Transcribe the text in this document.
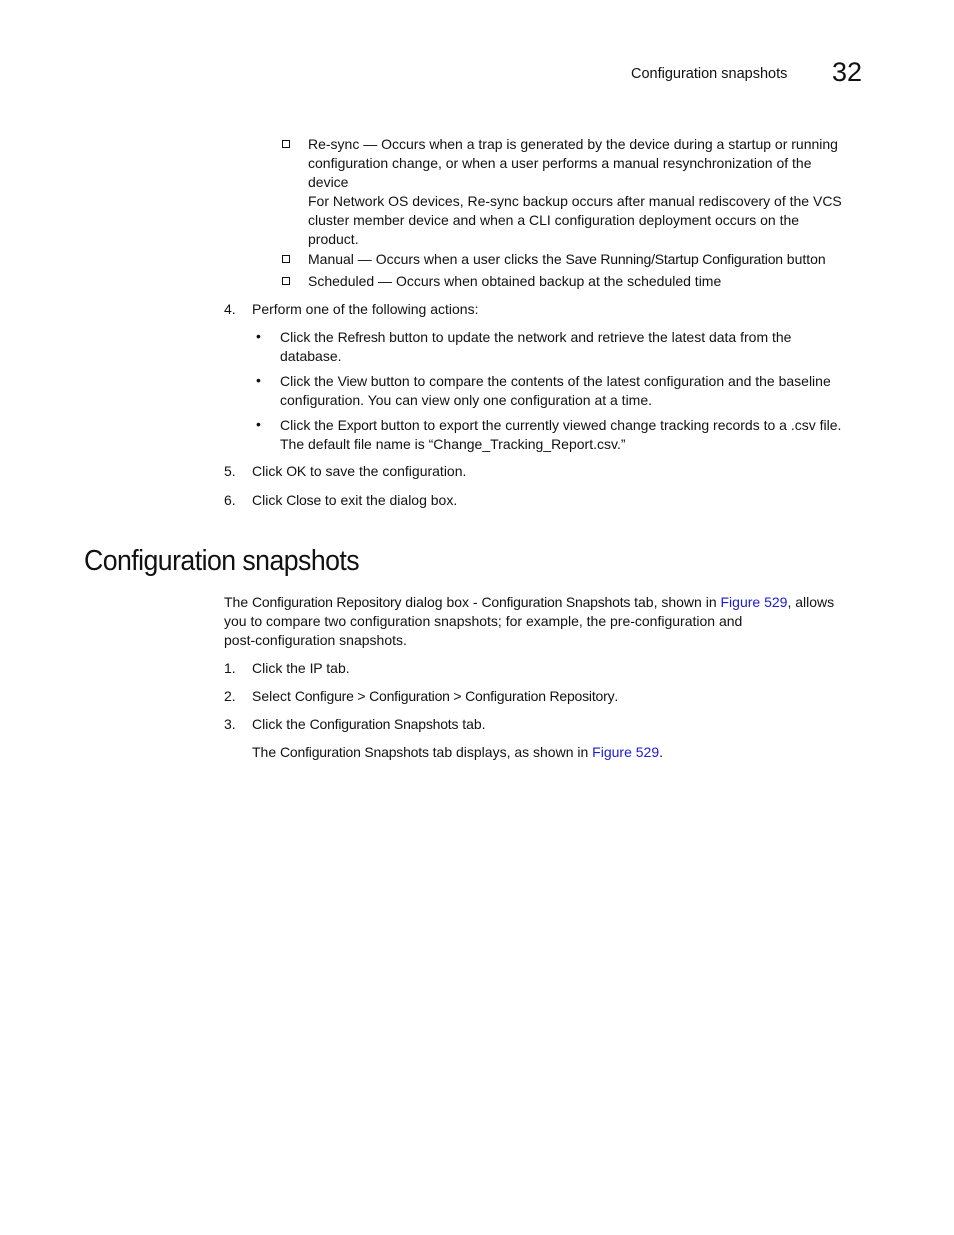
Configuration snapshots 32
Re-sync — Occurs when a trap is generated by the device during a startup or running
configuration change, or when a user performs a manual resynchronization of the
device
For Network OS devices, Re-sync backup occurs after manual rediscovery of the VCS
cluster member device and when a CLI configuration deployment occurs on the
product.
Manual — Occurs when a user clicks the Save Running/Startup Configuration button
Scheduled — Occurs when obtained backup at the scheduled time
4. Perform one of the following actions:
• Click the Refresh button to update the network and retrieve the latest data from the
database.
• Click the View button to compare the contents of the latest configuration and the baseline
configuration. You can view only one configuration at a time.
• Click the Export button to export the currently viewed change tracking records to a .csv file.
The default file name is “Change_Tracking_Report.csv.”
5. Click OK to save the configuration.
6. Click Close to exit the dialog box.
Configuration snapshots
The Configuration Repository dialog box - Configuration Snapshots tab, shown in Figure 529, allows
you to compare two configuration snapshots; for example, the pre-configuration and
post-configuration snapshots.
1. Click the IP tab.
2. Select Configure > Configuration > Configuration Repository.
3. Click the Configuration Snapshots tab.
The Configuration Snapshots tab displays, as shown in Figure 529.
